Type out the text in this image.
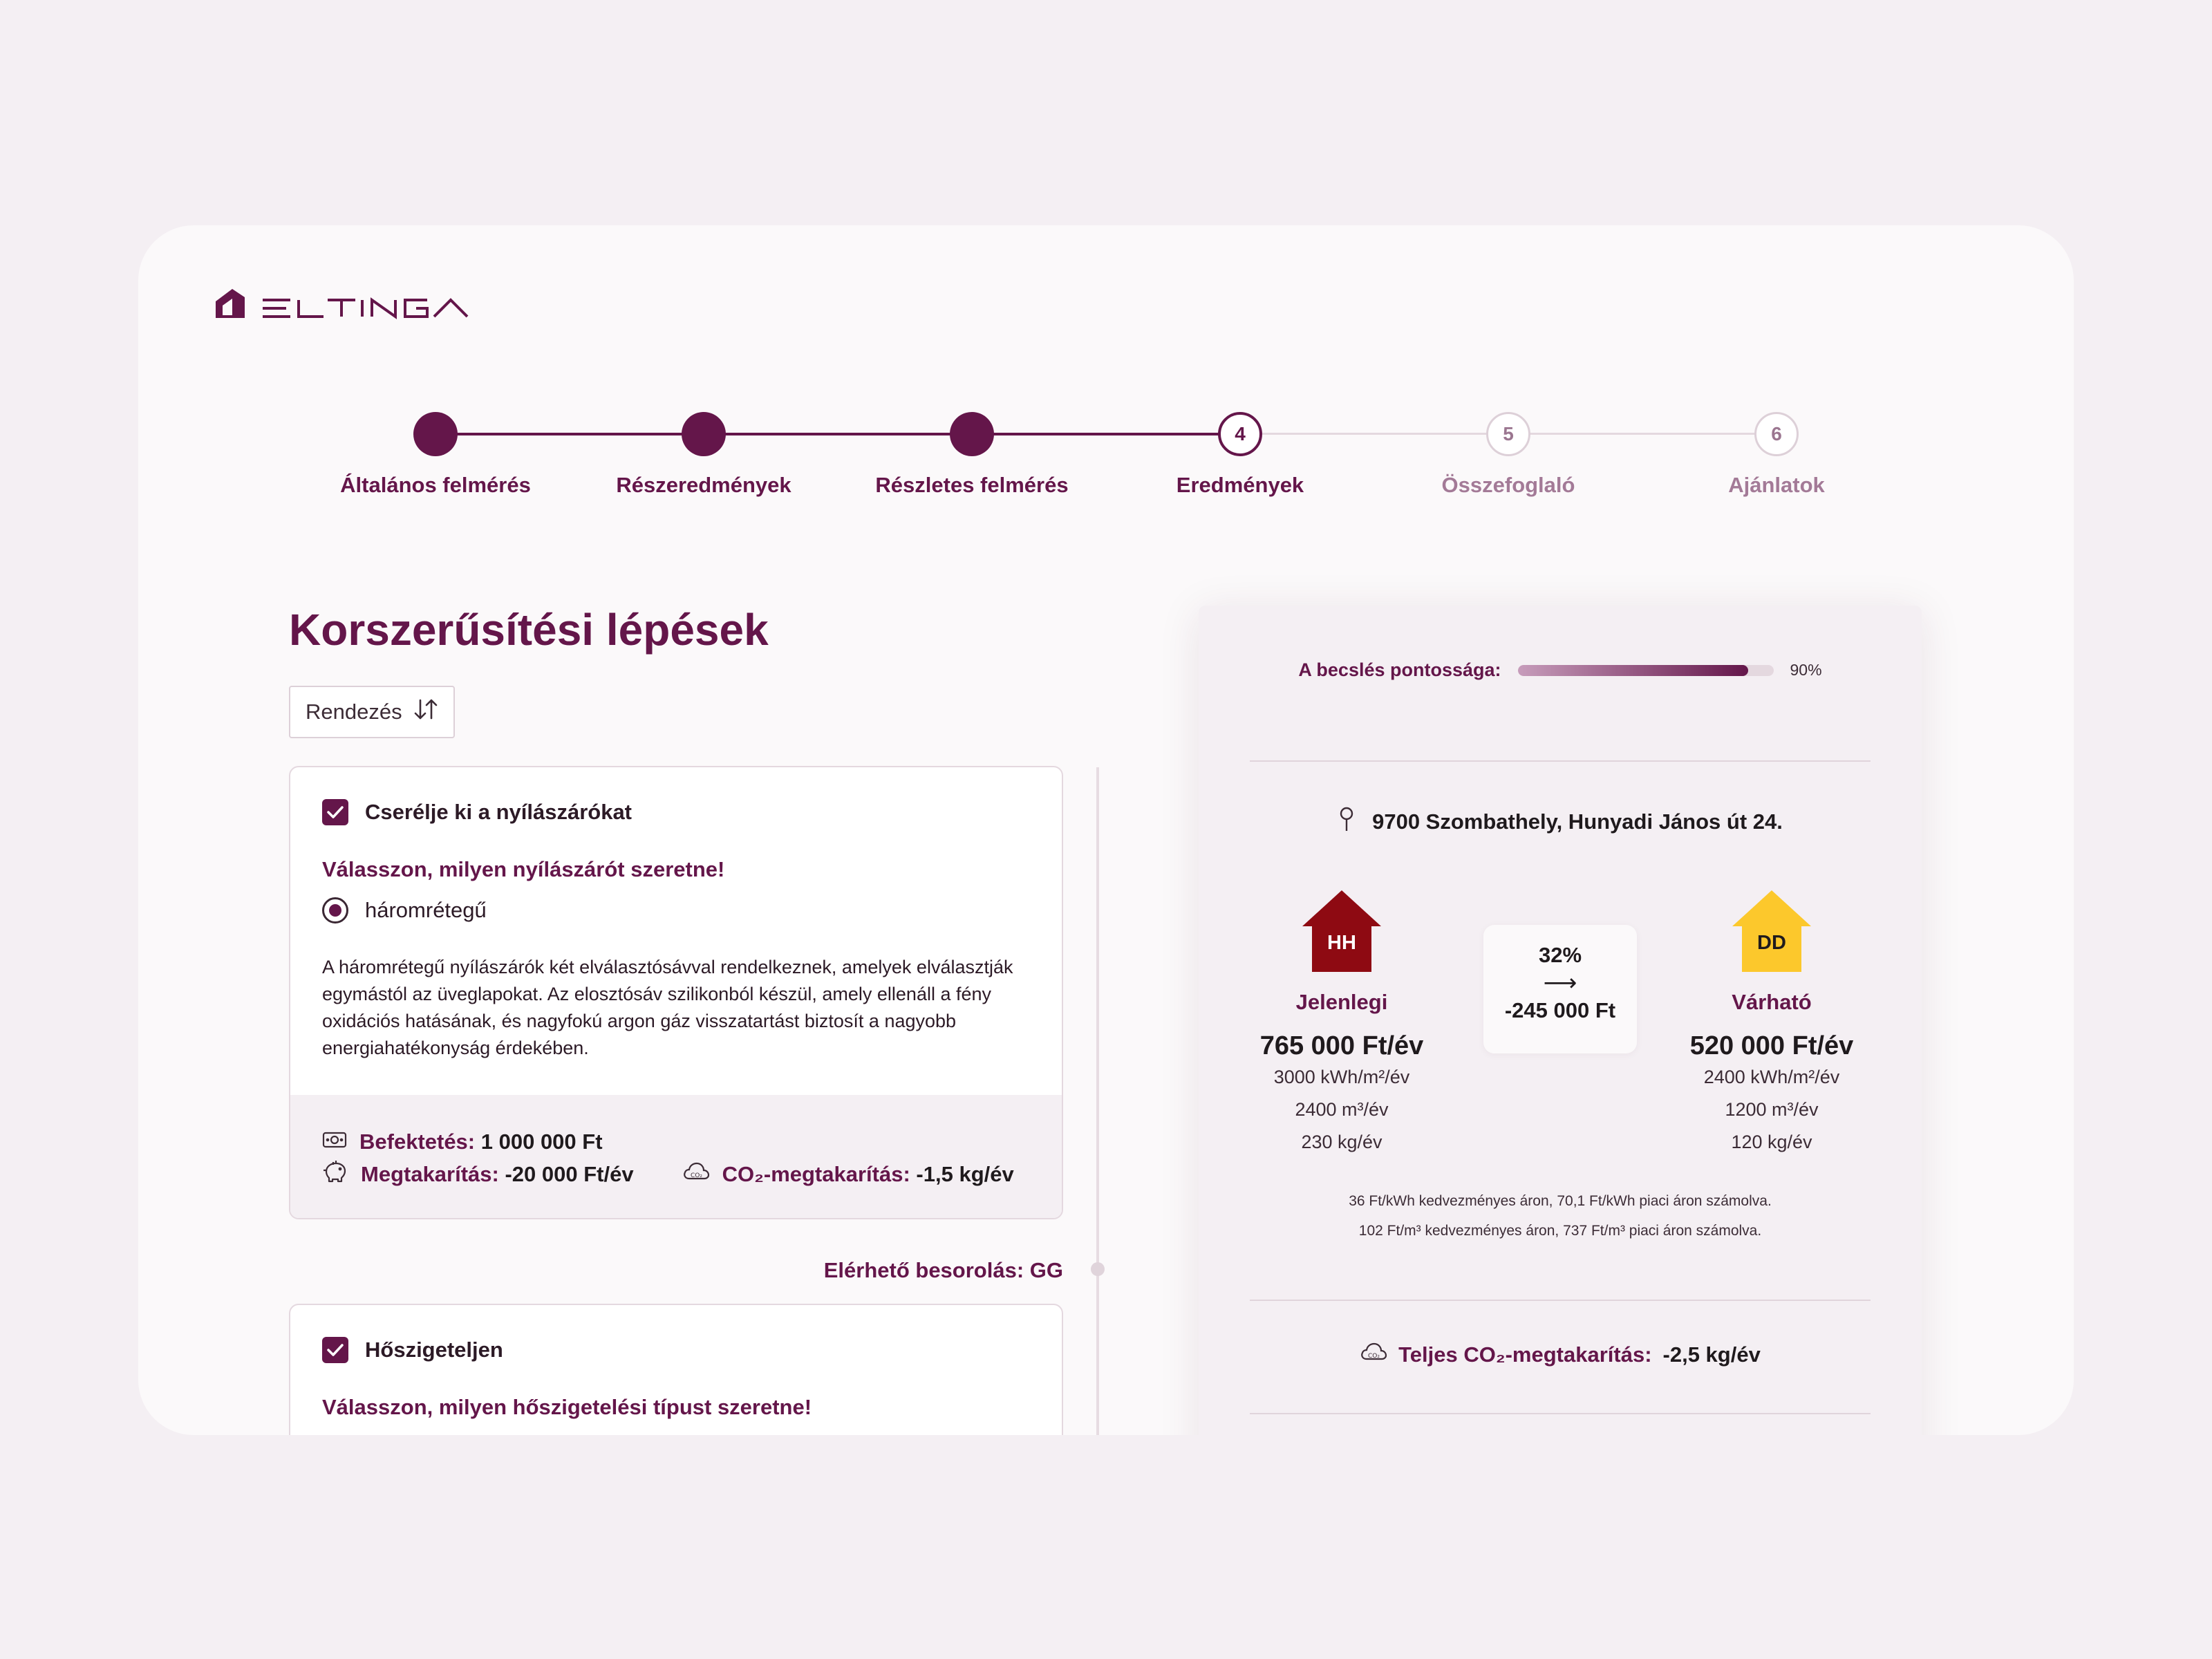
Általános felmérés	Részeredmények	Részletes felmérés
4
Eredmények
5
Összefoglaló
6
Ajánlatok
Korszerűsítési lépések
Rendezés
Cserélje ki a nyílászárókat
Válasszon, milyen nyílászárót szeretne!
háromrétegű

A háromrétegű nyílászárók két elválasztósávval rendelkeznek, amelyek elválasztják egymástól az üveglapokat. Az elosztósáv szilikonból készül, amely ellenáll a fény oxidációs hatásának, és nagyfokú argon gáz visszatartást biztosít a nagyobb energiahatékonyság érdekében.

Befektetés: 1 000 000 Ft
Megtakarítás: -20 000 Ft/év	CO₂ CO₂-megtakarítás: -1,5 kg/év
Elérhető besorolás: GG
Hőszigeteljen
Válasszon, milyen hőszigetelési típust szeretne!
A becslés pontossága:	90%
9700 Szombathely, Hunyadi János út 24.
HH
Jelenlegi
765 000 Ft/év
3000 kWh/m²/év
2400 m³/év
230 kg/év
32%
⟶
-245 000 Ft
DD
Várható
520 000 Ft/év
2400 kWh/m²/év
1200 m³/év
120 kg/év
36 Ft/kWh kedvezményes áron, 70,1 Ft/kWh piaci áron számolva.
102 Ft/m³ kedvezményes áron, 737 Ft/m³ piaci áron számolva.
CO₂ Teljes CO₂-megtakarítás: -2,5 kg/év
